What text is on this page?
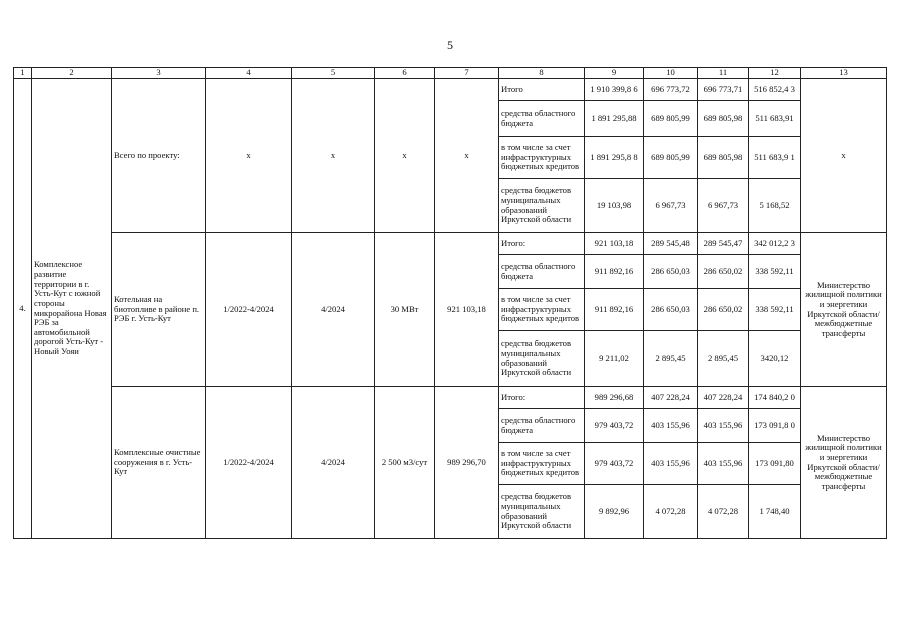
5
1	2	3	4	5	6	7	8	9	10	11	12	13
4.	Комплексное развитие территории в г. Усть-Кут с южной стороны микрорайона Новая РЭБ за автомобильной дорогой Усть-Кут - Новый Уояи	Всего по проекту:	x	x	x	x	Итого	1 910 399,8 6	696 773,72	696 773,71	516 852,4 3	x
							средства областного бюджета	1 891 295,88	689 805,99	689 805,98	511 683,91	
							в том числе за счет инфраструктурных бюджетных кредитов	1 891 295,8 8	689 805,99	689 805,98	511 683,9 1	
							средства бюджетов муниципальных образований Иркутской области	19 103,98	6 967,73	6 967,73	5 168,52	
		Котельная на биотопливе в районе п. РЭБ г. Усть-Кут	1/2022-4/2024	4/2024	30 МВт	921 103,18	Итого:	921 103,18	289 545,48	289 545,47	342 012,2 3	Министерство жилищной политики и энергетики Иркутской области/ межбюджетные трансферты
							средства областного бюджета	911 892,16	286 650,03	286 650,02	338 592,11	
							в том числе за счет инфраструктурных бюджетных кредитов	911 892,16	286 650,03	286 650,02	338 592,11	
							средства бюджетов муниципальных образований Иркутской области	9 211,02	2 895,45	2 895,45	3420,12	
		Комплексные очистные сооружения в г. Усть-Кут	1/2022-4/2024	4/2024	2 500 м3/сут	989 296,70	Итого:	989 296,68	407 228,24	407 228,24	174 840,2 0	Министерство жилищной политики и энергетики Иркутской области/ межбюджетные трансферты
							средства областного бюджета	979 403,72	403 155,96	403 155,96	173 091,8 0	
							в том числе за счет инфраструктурных бюджетных кредитов	979 403,72	403 155,96	403 155,96	173 091,80	
							средства бюджетов муниципальных образований Иркутской области	9 892,96	4 072,28	4 072,28	1 748,40	
